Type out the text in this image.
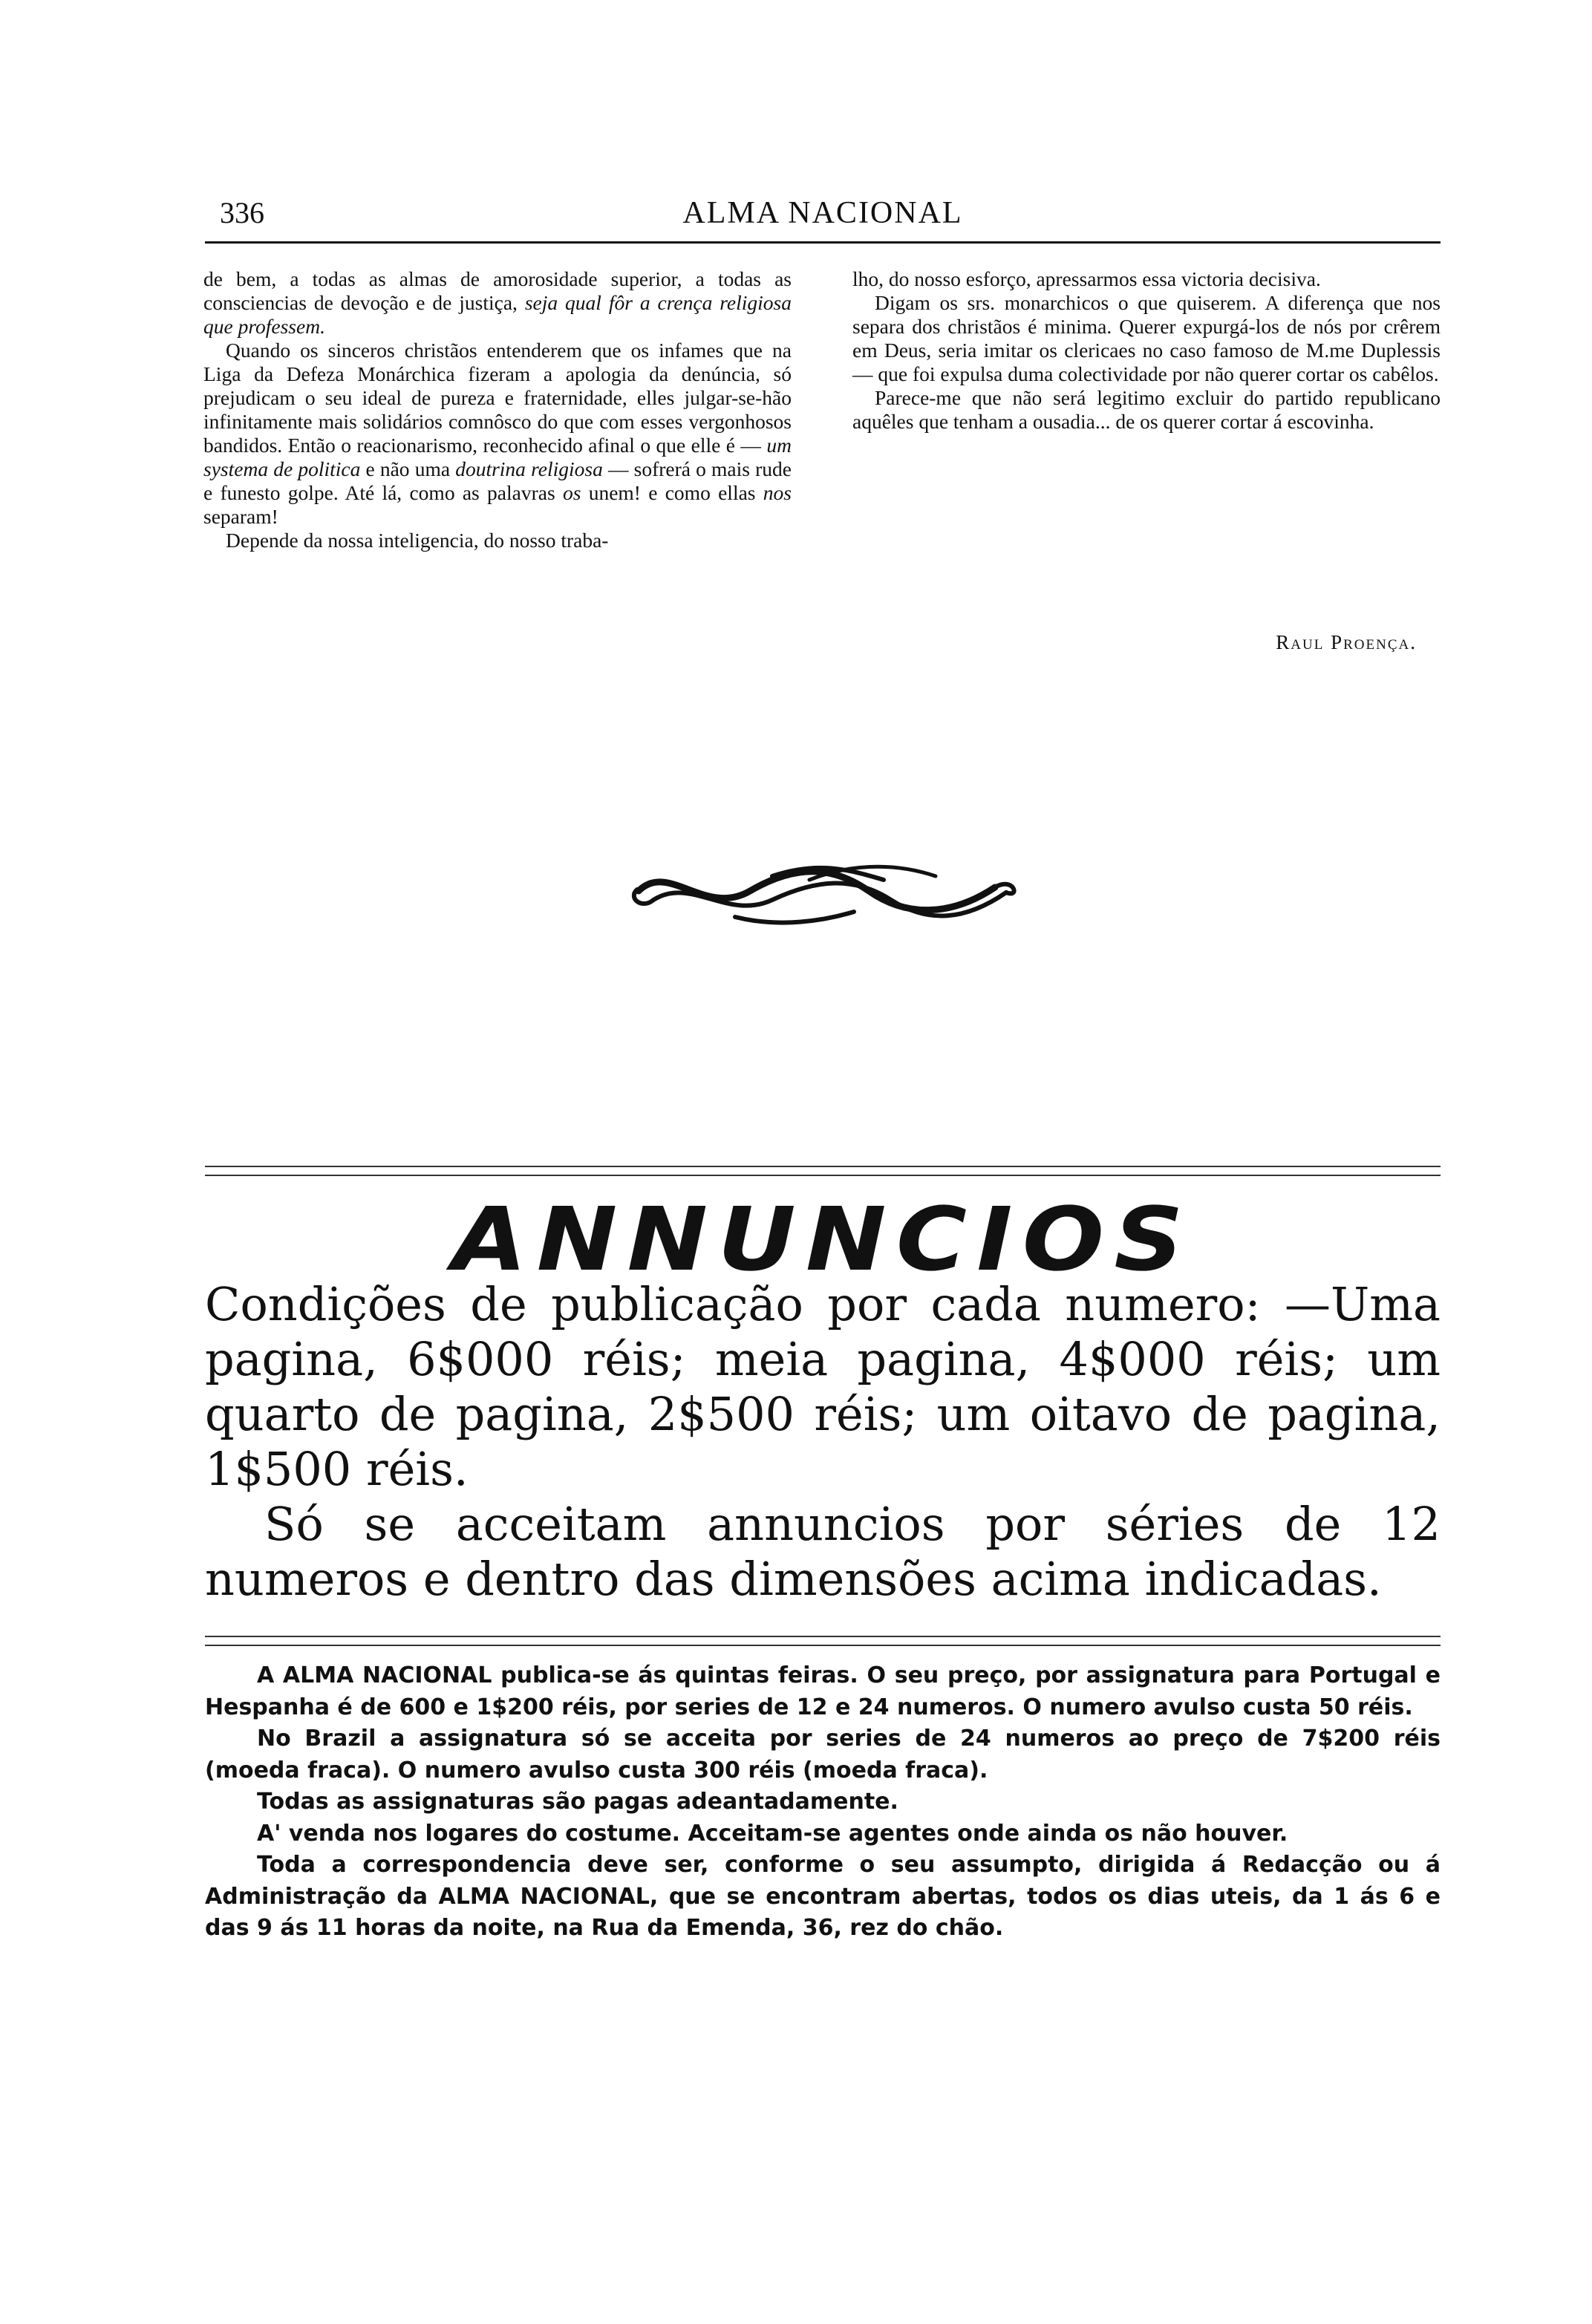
336	ALMA NACIONAL

de bem, a todas as almas de amorosidade superior, a todas as consciencias de devoção e de justiça, seja qual fôr a crença religiosa que professem.

Quando os sinceros christãos entenderem que os infames que na Liga da Defeza Monárchica fizeram a apologia da denúncia, só prejudicam o seu ideal de pureza e fraternidade, elles julgar-se-hão infinitamente mais solidários comnôsco do que com esses vergonhosos bandidos. Então o reacionarismo, reconhecido afinal o que elle é — um systema de politica e não uma doutrina religiosa — sofrerá o mais rude e funesto golpe. Até lá, como as palavras os unem! e como ellas nos separam!

Depende da nossa inteligencia, do nosso traba-

lho, do nosso esforço, apressarmos essa victoria decisiva.

Digam os srs. monarchicos o que quiserem. A diferença que nos separa dos christãos é minima. Querer expurgá-los de nós por crêrem em Deus, seria imitar os clericaes no caso famoso de M.me Duplessis — que foi expulsa duma colectividade por não querer cortar os cabêlos.

Parece-me que não será legitimo excluir do partido republicano aquêles que tenham a ousadia... de os querer cortar á escovinha.

Raul Proença.
ANNUNCIOS

Condições de publicação por cada numero: —Uma pagina, 6$000 réis; meia pagina, 4$000 réis; um quarto de pagina, 2$500 réis; um oitavo de pagina, 1$500 réis.

Só se acceitam annuncios por séries de 12 numeros e dentro das dimensões acima indicadas.

A ALMA NACIONAL publica-se ás quintas feiras. O seu preço, por assignatura para Portugal e Hespanha é de 600 e 1$200 réis, por series de 12 e 24 numeros. O numero avulso custa 50 réis.

No Brazil a assignatura só se acceita por series de 24 numeros ao preço de 7$200 réis (moeda fraca). O numero avulso custa 300 réis (moeda fraca).

Todas as assignaturas são pagas adeantadamente.

A' venda nos logares do costume. Acceitam-se agentes onde ainda os não houver.

Toda a correspondencia deve ser, conforme o seu assumpto, dirigida á Redacção ou á Administração da ALMA NACIONAL, que se encontram abertas, todos os dias uteis, da 1 ás 6 e das 9 ás 11 horas da noite, na Rua da Emenda, 36, rez do chão.
